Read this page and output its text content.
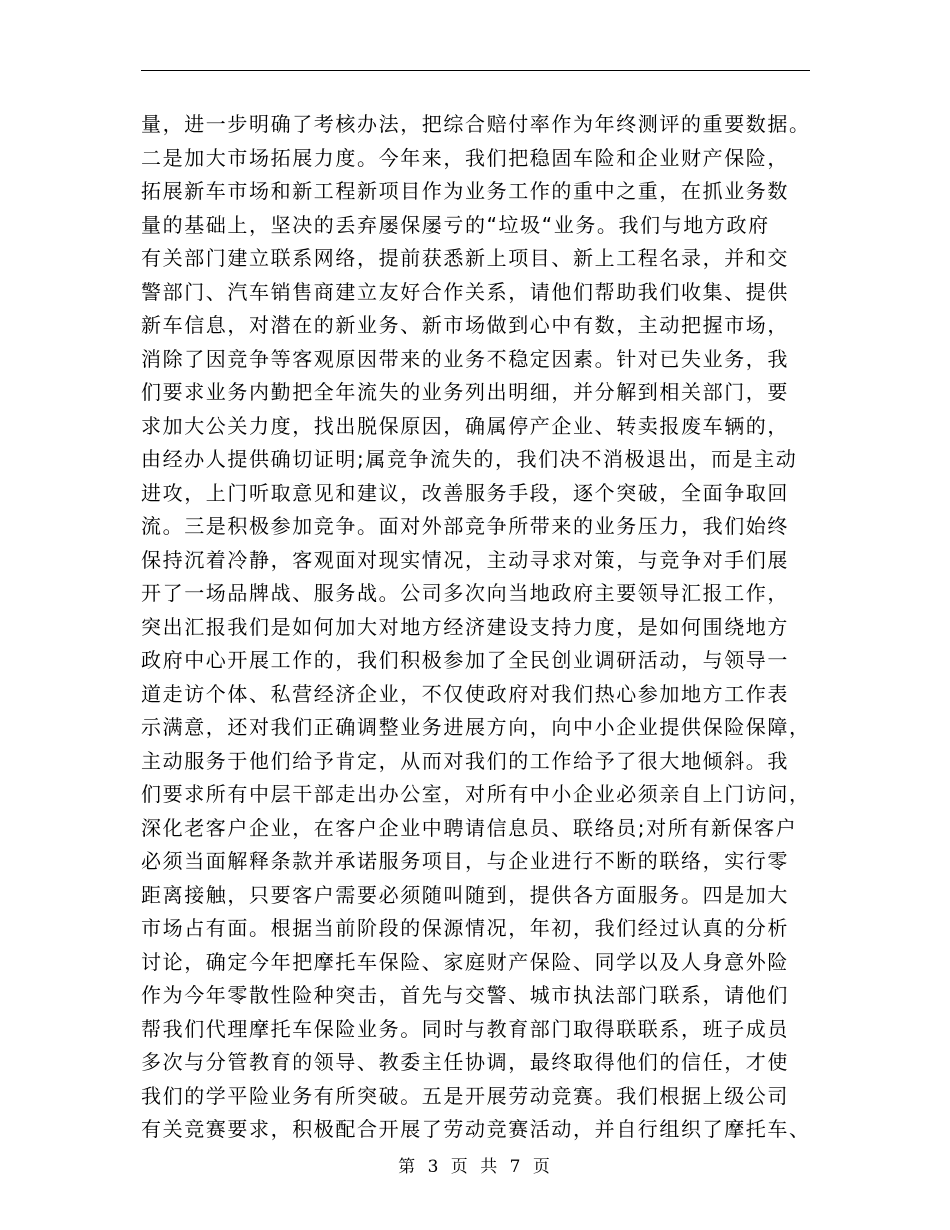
量，进一步明确了考核办法，把综合赔付率作为年终测评的重要数据。
二是加大市场拓展力度。今年来，我们把稳固车险和企业财产保险，
拓展新车市场和新工程新项目作为业务工作的重中之重，在抓业务数
量的基础上，坚决的丢弃屡保屡亏的“垃圾“业务。我们与地方政府
有关部门建立联系网络，提前获悉新上项目、新上工程名录，并和交
警部门、汽车销售商建立友好合作关系，请他们帮助我们收集、提供
新车信息，对潜在的新业务、新市场做到心中有数，主动把握市场，
消除了因竞争等客观原因带来的业务不稳定因素。针对已失业务，我
们要求业务内勤把全年流失的业务列出明细，并分解到相关部门，要
求加大公关力度，找出脱保原因，确属停产企业、转卖报废车辆的，
由经办人提供确切证明;属竞争流失的，我们决不消极退出，而是主动
进攻，上门听取意见和建议，改善服务手段，逐个突破，全面争取回
流。三是积极参加竞争。面对外部竞争所带来的业务压力，我们始终
保持沉着冷静，客观面对现实情况，主动寻求对策，与竞争对手们展
开了一场品牌战、服务战。公司多次向当地政府主要领导汇报工作，
突出汇报我们是如何加大对地方经济建设支持力度，是如何围绕地方
政府中心开展工作的，我们积极参加了全民创业调研活动，与领导一
道走访个体、私营经济企业，不仅使政府对我们热心参加地方工作表
示满意，还对我们正确调整业务进展方向，向中小企业提供保险保障，
主动服务于他们给予肯定，从而对我们的工作给予了很大地倾斜。我
们要求所有中层干部走出办公室，对所有中小企业必须亲自上门访问，
深化老客户企业，在客户企业中聘请信息员、联络员;对所有新保客户
必须当面解释条款并承诺服务项目，与企业进行不断的联络，实行零
距离接触，只要客户需要必须随叫随到，提供各方面服务。四是加大
市场占有面。根据当前阶段的保源情况，年初，我们经过认真的分析
讨论，确定今年把摩托车保险、家庭财产保险、同学以及人身意外险
作为今年零散性险种突击，首先与交警、城市执法部门联系，请他们
帮我们代理摩托车保险业务。同时与教育部门取得联联系，班子成员
多次与分管教育的领导、教委主任协调，最终取得他们的信任，才使
我们的学平险业务有所突破。五是开展劳动竞赛。我们根据上级公司
有关竞赛要求，积极配合开展了劳动竞赛活动，并自行组织了摩托车、
第 3 页 共 7 页
